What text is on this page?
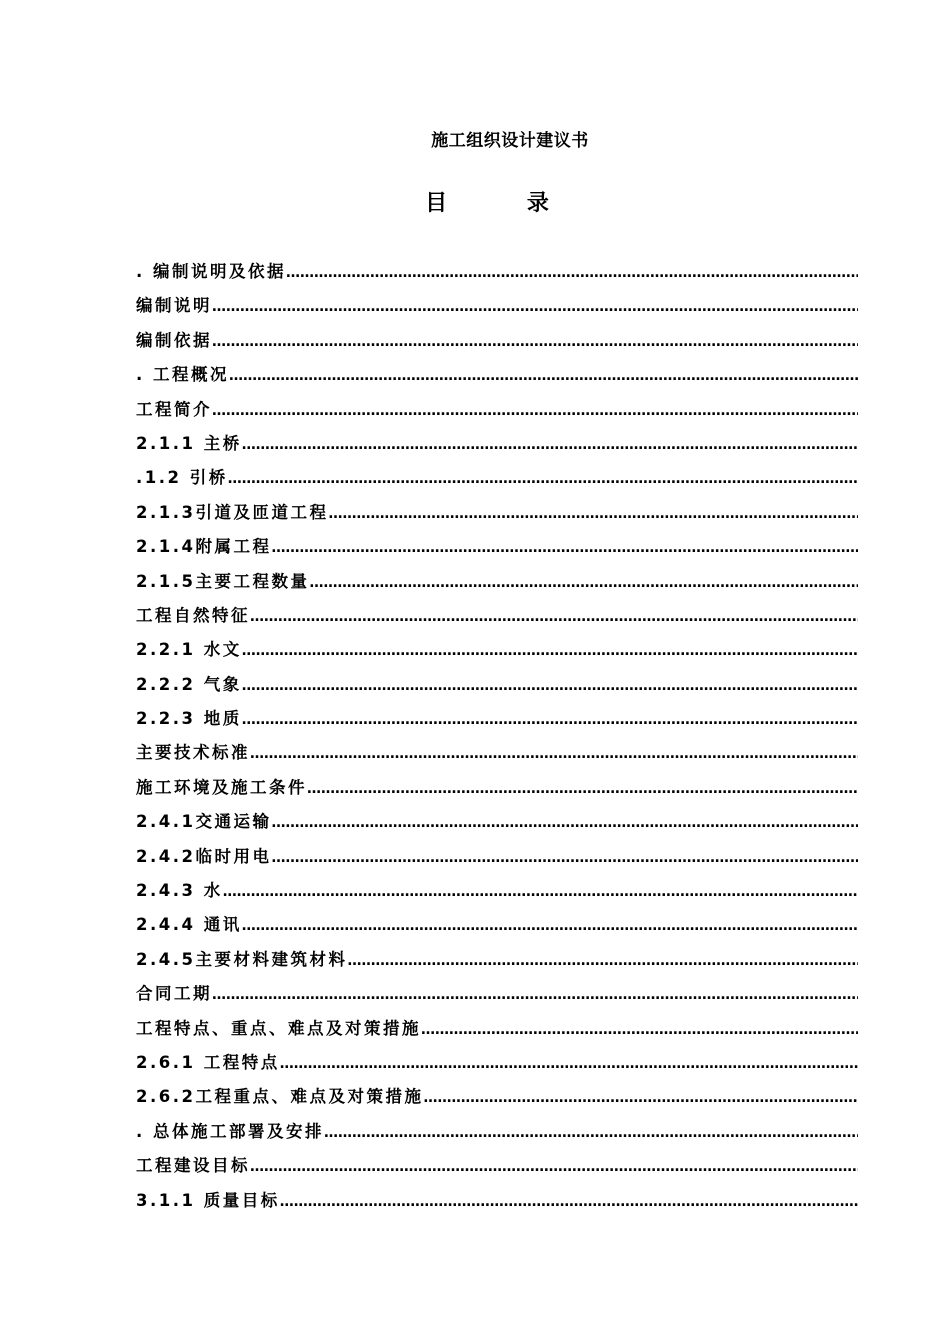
施工组织设计建议书
目 录
. 编制说明及依据
………………………………………………………………………………………………………………………………………………………………………………………………………………
编制说明
………………………………………………………………………………………………………………………………………………………………………………………………………………
编制依据
………………………………………………………………………………………………………………………………………………………………………………………………………………
. 工程概况
………………………………………………………………………………………………………………………………………………………………………………………………………………
工程简介
………………………………………………………………………………………………………………………………………………………………………………………………………………
2.1.1 主桥
………………………………………………………………………………………………………………………………………………………………………………………………………………
.1.2 引桥
………………………………………………………………………………………………………………………………………………………………………………………………………………
2.1.3引道及匝道工程
………………………………………………………………………………………………………………………………………………………………………………………………………………
2.1.4附属工程
………………………………………………………………………………………………………………………………………………………………………………………………………………
2.1.5主要工程数量
………………………………………………………………………………………………………………………………………………………………………………………………………………
工程自然特征
………………………………………………………………………………………………………………………………………………………………………………………………………………
2.2.1 水文
………………………………………………………………………………………………………………………………………………………………………………………………………………
2.2.2 气象
………………………………………………………………………………………………………………………………………………………………………………………………………………
2.2.3 地质
………………………………………………………………………………………………………………………………………………………………………………………………………………
主要技术标准
………………………………………………………………………………………………………………………………………………………………………………………………………………
施工环境及施工条件
………………………………………………………………………………………………………………………………………………………………………………………………………………
2.4.1交通运输
………………………………………………………………………………………………………………………………………………………………………………………………………………
2.4.2临时用电
………………………………………………………………………………………………………………………………………………………………………………………………………………
2.4.3 水
………………………………………………………………………………………………………………………………………………………………………………………………………………
2.4.4 通讯
………………………………………………………………………………………………………………………………………………………………………………………………………………
2.4.5主要材料建筑材料
………………………………………………………………………………………………………………………………………………………………………………………………………………
合同工期
………………………………………………………………………………………………………………………………………………………………………………………………………………
工程特点、重点、难点及对策措施
………………………………………………………………………………………………………………………………………………………………………………………………………………
2.6.1 工程特点
………………………………………………………………………………………………………………………………………………………………………………………………………………
2.6.2工程重点、难点及对策措施
………………………………………………………………………………………………………………………………………………………………………………………………………………
. 总体施工部署及安排
………………………………………………………………………………………………………………………………………………………………………………………………………………
工程建设目标
………………………………………………………………………………………………………………………………………………………………………………………………………………
3.1.1 质量目标
………………………………………………………………………………………………………………………………………………………………………………………………………………
